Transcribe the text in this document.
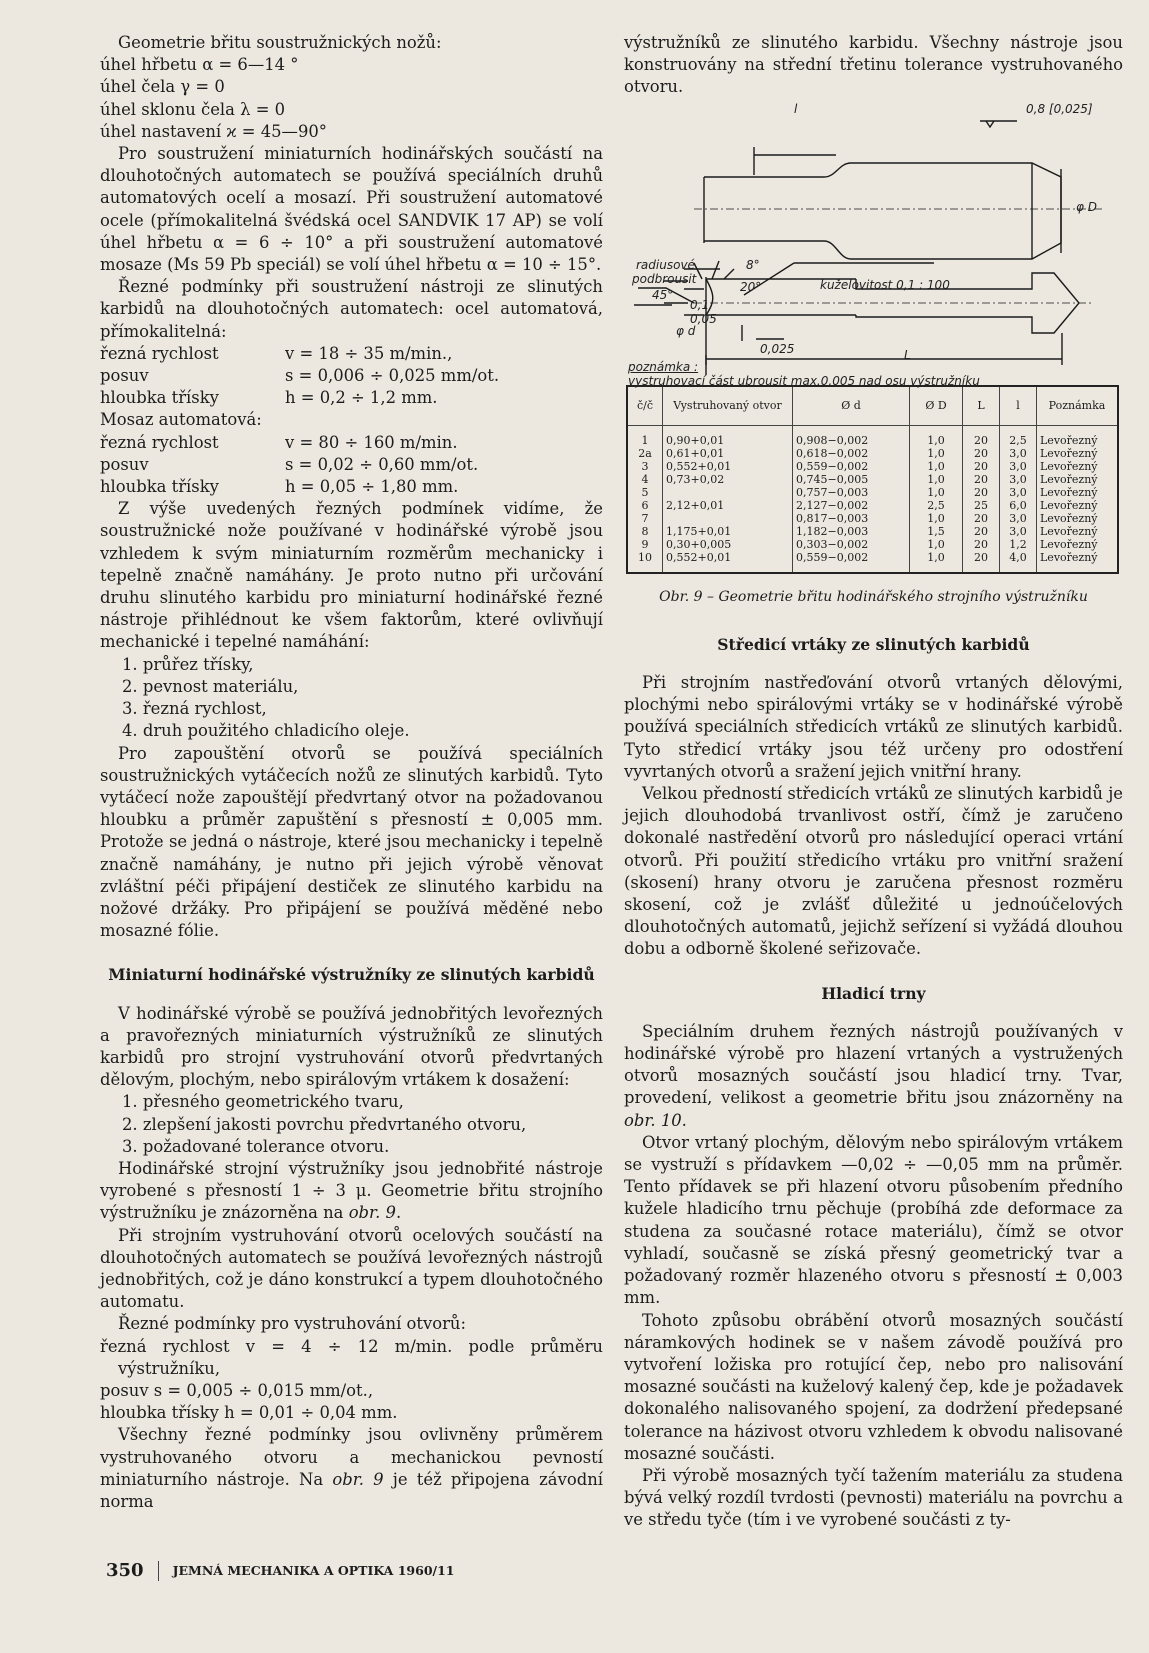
Geometrie břitu soustružnických nožů:

úhel hřbetu α = 6—14 °

úhel čela γ = 0

úhel sklonu čela λ = 0

úhel nastavení ϰ = 45—90°

Pro soustružení miniaturních hodinářských součástí na dlouhotočných automatech se používá speciálních druhů automatových ocelí a mosazí. Při soustružení automatové ocele (přímokalitelná švédská ocel SANDVIK 17 AP) se volí úhel hřbetu α = 6 ÷ 10° a při soustružení automatové mosaze (Ms 59 Pb speciál) se volí úhel hřbetu α = 10 ÷ 15°.

Řezné podmínky při soustružení nástroji ze slinutých karbidů na dlouhotočných automatech: ocel automatová, přímokalitelná:

řezná rychlost	v = 18 ÷ 35 m/min.,
posuv	s = 0,006 ÷ 0,025 mm/ot.
hloubka třísky	h = 0,2 ÷ 1,2 mm.

Mosaz automatová:

řezná rychlost	v = 80 ÷ 160 m/min.
posuv	s = 0,02 ÷ 0,60 mm/ot.
hloubka třísky	h = 0,05 ÷ 1,80 mm.

Z výše uvedených řezných podmínek vidíme, že soustružnické nože používané v hodinářské výrobě jsou vzhledem k svým miniaturním rozměrům mechanicky i tepelně značně namáhány. Je proto nutno při určování druhu slinutého karbidu pro miniaturní hodinářské řezné nástroje přihlédnout ke všem faktorům, které ovlivňují mechanické i tepelné namáhání:

1. průřez třísky,

2. pevnost materiálu,

3. řezná rychlost,

4. druh použitého chladicího oleje.

Pro zapouštění otvorů se používá speciálních soustružnických vytáčecích nožů ze slinutých karbidů. Tyto vytáčecí nože zapouštějí předvrtaný otvor na požadovanou hloubku a průměr zapuštění s přesností ± 0,005 mm. Protože se jedná o nástroje, které jsou mechanicky i tepelně značně namáhány, je nutno při jejich výrobě věnovat zvláštní péči připájení destiček ze slinutého karbidu na nožové držáky. Pro připájení se používá měděné nebo mosazné fólie.

Miniaturní hodinářské výstružníky ze slinutých karbidů

V hodinářské výrobě se používá jednobřitých levořezných a pravořezných miniaturních výstružníků ze slinutých karbidů pro strojní vystruhování otvorů předvrtaných dělovým, plochým, nebo spirálovým vrtákem k dosažení:

1. přesného geometrického tvaru,

2. zlepšení jakosti povrchu předvrtaného otvoru,

3. požadované tolerance otvoru.

Hodinářské strojní výstružníky jsou jednobřité nástroje vyrobené s přesností 1 ÷ 3 μ. Geometrie břitu strojního výstružníku je znázorněna na obr. 9.

Při strojním vystruhování otvorů ocelových součástí na dlouhotočných automatech se používá levořezných nástrojů jednobřitých, což je dáno konstrukcí a typem dlouhotočného automatu.

Řezné podmínky pro vystruhování otvorů:

řezná rychlost v = 4 ÷ 12 m/min. podle průměru výstružníku,

posuv s = 0,005 ÷ 0,015 mm/ot.,

hloubka třísky h = 0,01 ÷ 0,04 mm.

Všechny řezné podmínky jsou ovlivněny průměrem vystruhovaného otvoru a mechanickou pevností miniaturního nástroje. Na obr. 9 je též připojena závodní norma

výstružníků ze slinutého karbidu. Všechny nástroje jsou konstruovány na střední třetinu tolerance vystruhovaného otvoru.

l	0,8 [0,025]
φ D
radiusové
podbrousit
45°
8°
20°	kuželovitost 0,1 : 100
φ d
0,05
0,1
0,025	L
poznámka :
vystruhovací část ubrousit max.0,005 nad osu výstružníku
č/č	Vystruhovaný otvor	Ø d	Ø D	L	l	Poznámka
1	0,90+0,01	0,908−0,002	1,0	20	2,5	Levořezný
2a	0,61+0,01	0,618−0,002	1,0	20	3,0	Levořezný
3	0,552+0,01	0,559−0,002	1,0	20	3,0	Levořezný
4	0,73+0,02	0,745−0,005	1,0	20	3,0	Levořezný
5		0,757−0,003	1,0	20	3,0	Levořezný
6	2,12+0,01	2,127−0,002	2,5	25	6,0	Levořezný
7		0,817−0,003	1,0	20	3,0	Levořezný
8	1,175+0,01	1,182−0,003	1,5	20	3,0	Levořezný
9	0,30+0,005	0,303−0,002	1,0	20	1,2	Levořezný
10	0,552+0,01	0,559−0,002	1,0	20	4,0	Levořezný

Obr. 9 – Geometrie břitu hodinářského strojního výstružníku

Středicí vrtáky ze slinutých karbidů

Při strojním nastřeďování otvorů vrtaných dělovými, plochými nebo spirálovými vrtáky se v hodinářské výrobě používá speciálních středicích vrtáků ze slinutých karbidů. Tyto středicí vrtáky jsou též určeny pro odostření vyvrtaných otvorů a sražení jejich vnitřní hrany.

Velkou předností středicích vrtáků ze slinutých karbidů je jejich dlouhodobá trvanlivost ostří, čímž je zaručeno dokonalé nastředění otvorů pro následující operaci vrtání otvorů. Při použití středicího vrtáku pro vnitřní sražení (skosení) hrany otvoru je zaručena přesnost rozměru skosení, což je zvlášť důležité u jednoúčelových dlouhotočných automatů, jejichž seřízení si vyžádá dlouhou dobu a odborně školené seřizovače.

Hladicí trny

Speciálním druhem řezných nástrojů používaných v hodinářské výrobě pro hlazení vrtaných a vystružených otvorů mosazných součástí jsou hladicí trny. Tvar, provedení, velikost a geometrie břitu jsou znázorněny na obr. 10.

Otvor vrtaný plochým, dělovým nebo spirálovým vrtákem se vystruží s přídavkem —0,02 ÷ —0,05 mm na průměr. Tento přídavek se při hlazení otvoru působením předního kužele hladicího trnu pěchuje (probíhá zde deformace za studena za současné rotace materiálu), čímž se otvor vyhladí, současně se získá přesný geometrický tvar a požadovaný rozměr hlazeného otvoru s přesností ± 0,003 mm.

Tohoto způsobu obrábění otvorů mosazných součástí náramkových hodinek se v našem závodě používá pro vytvoření ložiska pro rotující čep, nebo pro nalisování mosazné součásti na kuželový kalený čep, kde je požadavek dokonalého nalisovaného spojení, za dodržení předepsané tolerance na házivost otvoru vzhledem k obvodu nalisované mosazné součásti.

Při výrobě mosazných tyčí tažením materiálu za studena bývá velký rozdíl tvrdosti (pevnosti) materiálu na povrchu a ve středu tyče (tím i ve vyrobené součásti z ty-

350 JEMNÁ MECHANIKA A OPTIKA 1960/11
